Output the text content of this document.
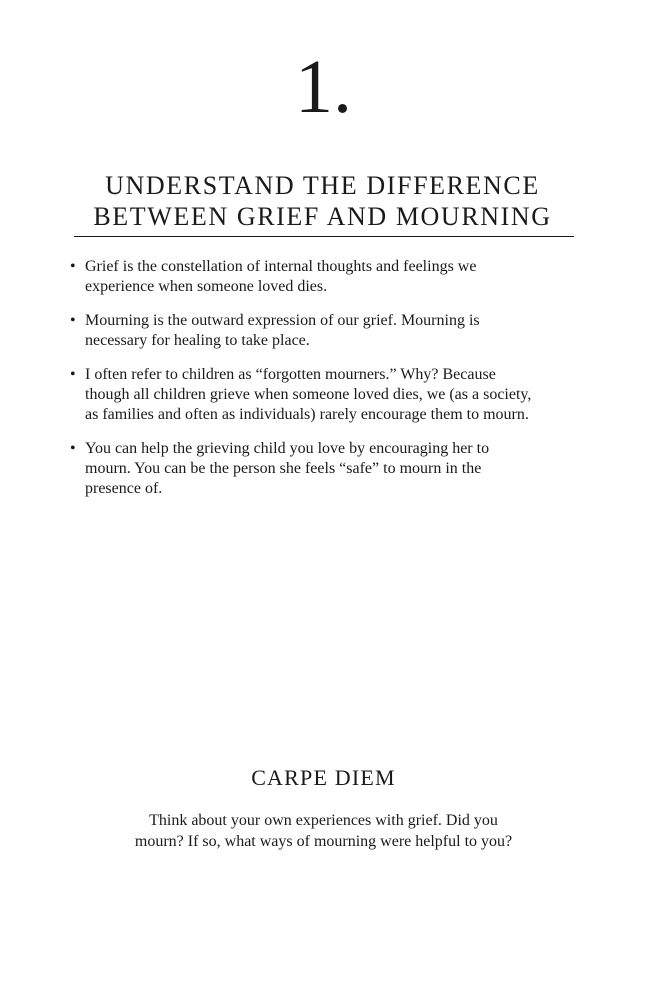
1.
UNDERSTAND THE DIFFERENCE
BETWEEN GRIEF AND MOURNING
• Grief is the constellation of internal thoughts and feelings we
experience when someone loved dies.
• Mourning is the outward expression of our grief. Mourning is
necessary for healing to take place.
• I often refer to children as “forgotten mourners.” Why? Because
though all children grieve when someone loved dies, we (as a society,
as families and often as individuals) rarely encourage them to mourn.
• You can help the grieving child you love by encouraging her to
mourn. You can be the person she feels “safe” to mourn in the
presence of.
CARPE DIEM

Think about your own experiences with grief. Did you
mourn? If so, what ways of mourning were helpful to you?
